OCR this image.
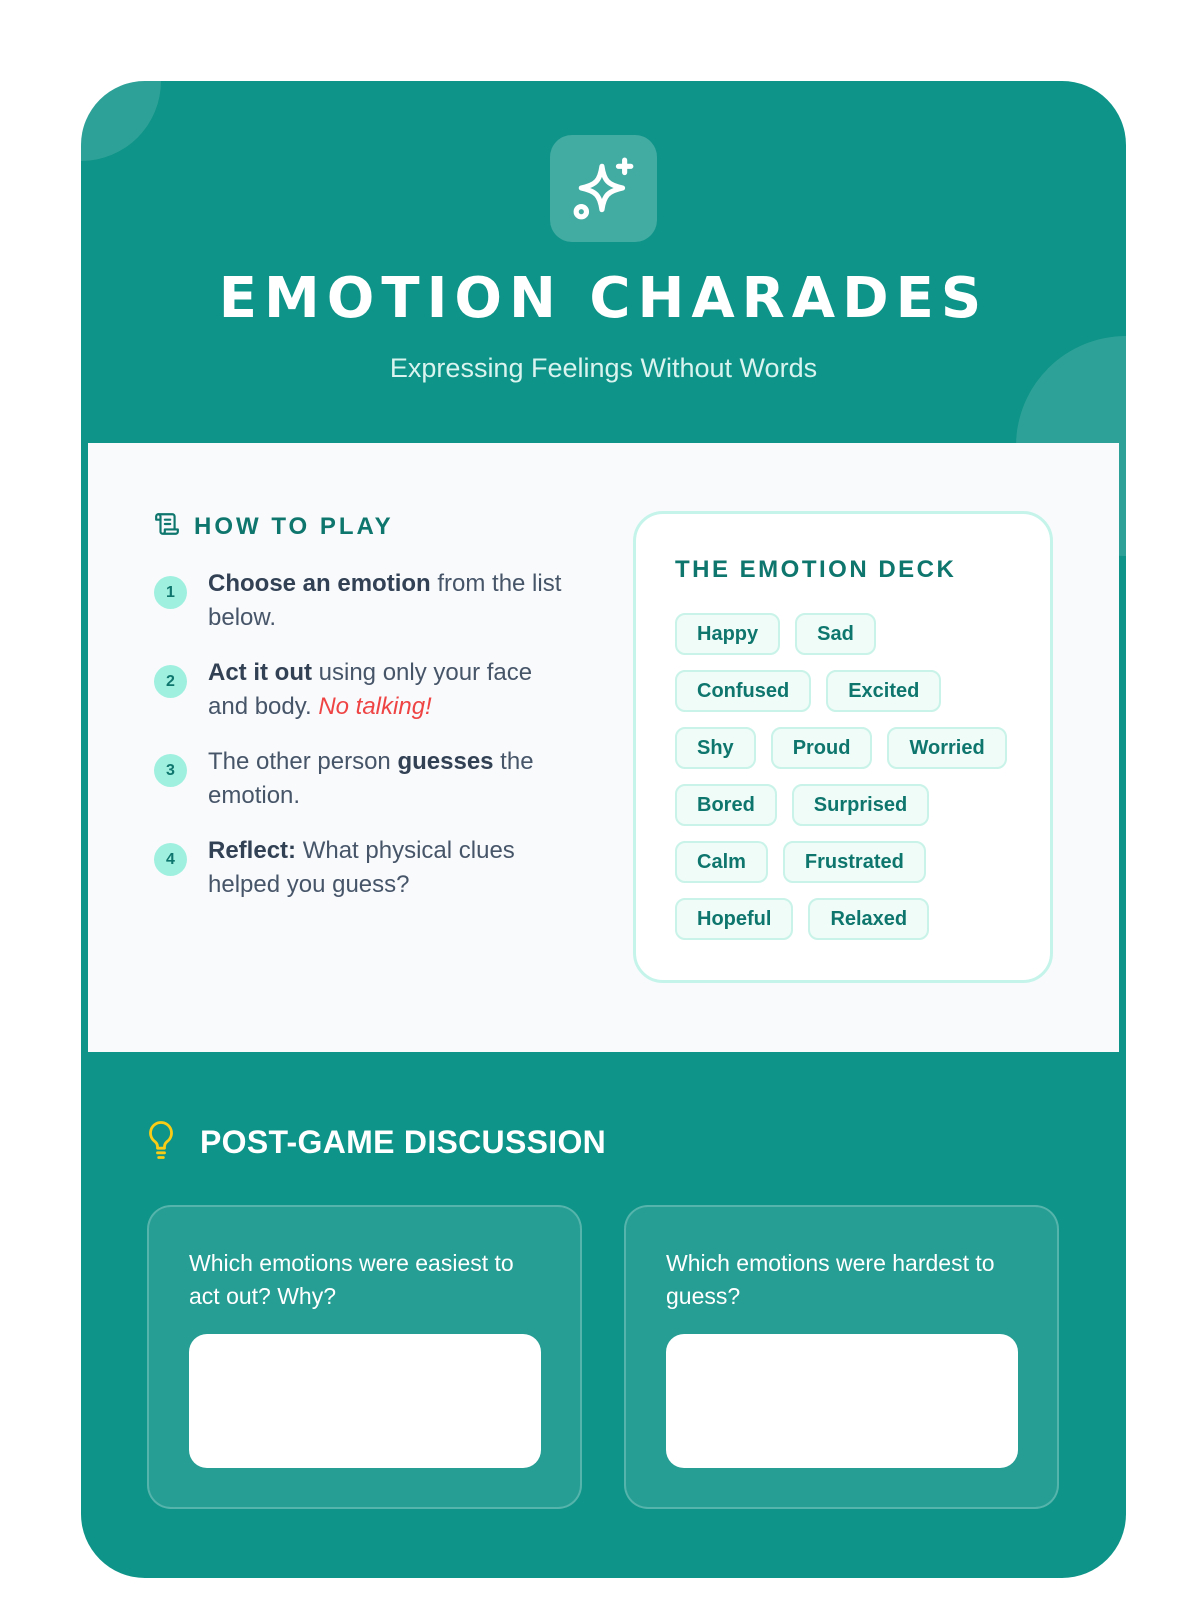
EMOTION CHARADES
Expressing Feelings Without Words
HOW TO PLAY
1	Choose an emotion from the list below.
2	Act it out using only your face and body. No talking!
3	The other person guesses the emotion.
4	Reflect: What physical clues helped you guess?
THE EMOTION DECK
Happy	Sad
Confused	Excited
Shy	Proud	Worried
Bored	Surprised
Calm	Frustrated
Hopeful	Relaxed
POST-GAME DISCUSSION
Which emotions were easiest to act out? Why?
Which emotions were hardest to guess?
